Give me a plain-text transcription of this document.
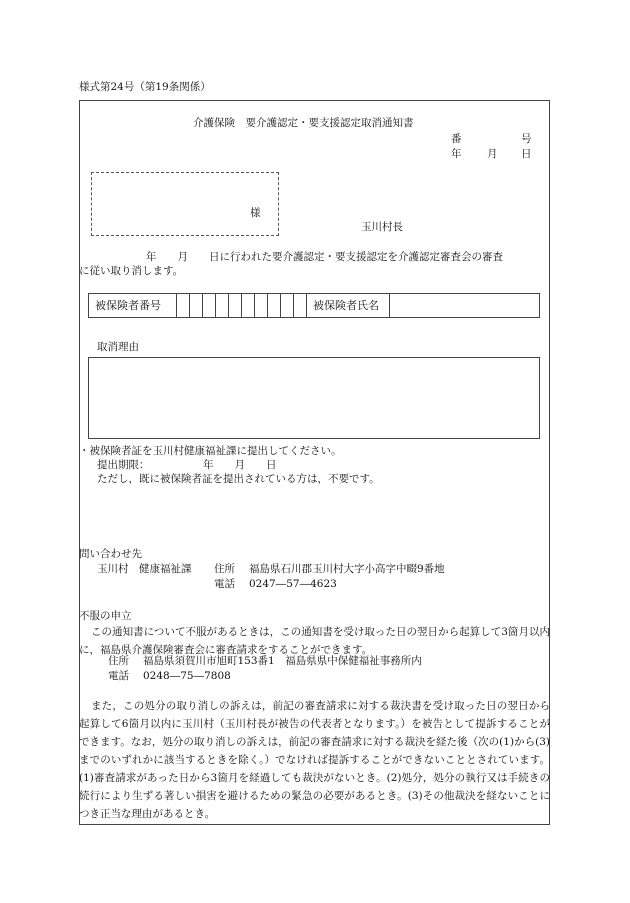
様式第24号（第19条関係）
介護保険　要介護認定・要支援認定取消通知書
番	号
年 月 日
様
玉川村長
年　　月　　日に行われた要介護認定・要支援認定を介護認定審査会の審査
に従い取り消します。
被保険者番号	被保険者氏名
取消理由
・被保険者証を玉川村健康福祉課に提出してください。
提出期限：	年　　月　　日
ただし，既に被保険者証を提出されている方は，不要です。
問い合わせ先
玉川村　健康福祉課 住所 福島県石川郡玉川村大字小高字中畷9番地
電話 0247―57―4623
不服の申立
この通知書について不服があるときは，この通知書を受け取った日の翌日から起算して3箇月以内に，福島県介護保険審査会に審査請求をすることができます。
住所 福島県須賀川市旭町153番1　福島県県中保健福祉事務所内
電話 0248―75―7808
また，この処分の取り消しの訴えは，前記の審査請求に対する裁決書を受け取った日の翌日から起算して6箇月以内に玉川村（玉川村長が被告の代表者となります。）を被告として提訴することができます。なお，処分の取り消しの訴えは，前記の審査請求に対する裁決を経た後（次の(1)から(3)までのいずれかに該当するときを除く。）でなければ提訴することができないこととされています。(1)審査請求があった日から3箇月を経過しても裁決がないとき。(2)処分，処分の執行又は手続きの続行により生ずる著しい損害を避けるための緊急の必要があるとき。(3)その他裁決を経ないことにつき正当な理由があるとき。
